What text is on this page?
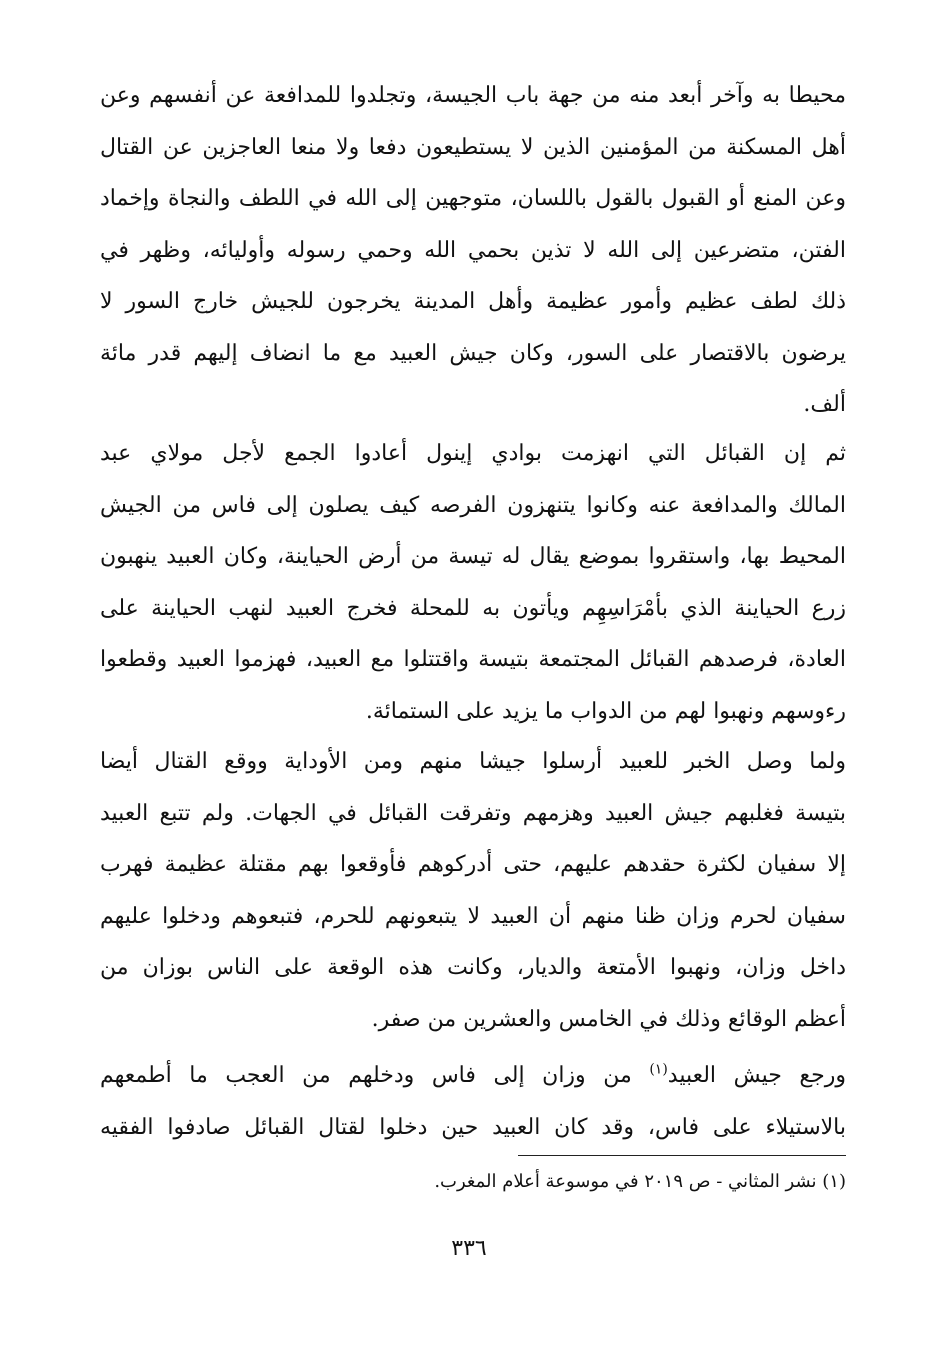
محيطا به وآخر أبعد منه من جهة باب الجيسة، وتجلدوا للمدافعة عن أنفسهم وعن
أهل المسكنة من المؤمنين الذين لا يستطيعون دفعا ولا منعا العاجزين عن القتال
وعن المنع أو القبول بالقول باللسان، متوجهين إلى الله في اللطف والنجاة وإخماد
الفتن، متضرعين إلى الله لا تذين بحمي الله وحمي رسوله وأوليائه، وظهر في
ذلك لطف عظيم وأمور عظيمة وأهل المدينة يخرجون للجيش خارج السور لا
يرضون بالاقتصار على السور، وكان جيش العبيد مع ما انضاف إليهم قدر مائة
ألف.
ثم إن القبائل التي انهزمت بوادي إينول أعادوا الجمع لأجل مولاي عبد
المالك والمدافعة عنه وكانوا يتنهزون الفرصه كيف يصلون إلى فاس من الجيش
المحيط بها، واستقروا بموضع يقال له تيسة من أرض الحياينة، وكان العبيد ينهبون
زرع الحياينة الذي بأمْرَاسِهِم ويأتون به للمحلة فخرج العبيد لنهب الحياينة على
العادة، فرصدهم القبائل المجتمعة بتيسة واقتتلوا مع العبيد، فهزموا العبيد وقطعوا
رءوسهم ونهبوا لهم من الدواب ما يزيد على الستمائة.
ولما وصل الخبر للعبيد أرسلوا جيشا منهم ومن الأوداية ووقع القتال أيضا
بتيسة فغلبهم جيش العبيد وهزمهم وتفرقت القبائل في الجهات. ولم تتبع العبيد
إلا سفيان لكثرة حقدهم عليهم، حتى أدركوهم فأوقعوا بهم مقتلة عظيمة فهرب
سفيان لحرم وزان ظنا منهم أن العبيد لا يتبعونهم للحرم، فتبعوهم ودخلوا عليهم
داخل وزان، ونهبوا الأمتعة والديار، وكانت هذه الوقعة على الناس بوزان من
أعظم الوقائع وذلك في الخامس والعشرين من صفر.
ورجع جيش العبيد$^{(١)}$ من وزان إلى فاس ودخلهم من العجب ما أطمعهم
بالاستيلاء على فاس، وقد كان العبيد حين دخلوا لقتال القبائل صادفوا الفقيه

(١) نشر المثاني - ص ٢٠١٩ في موسوعة أعلام المغرب.

٣٣٦
